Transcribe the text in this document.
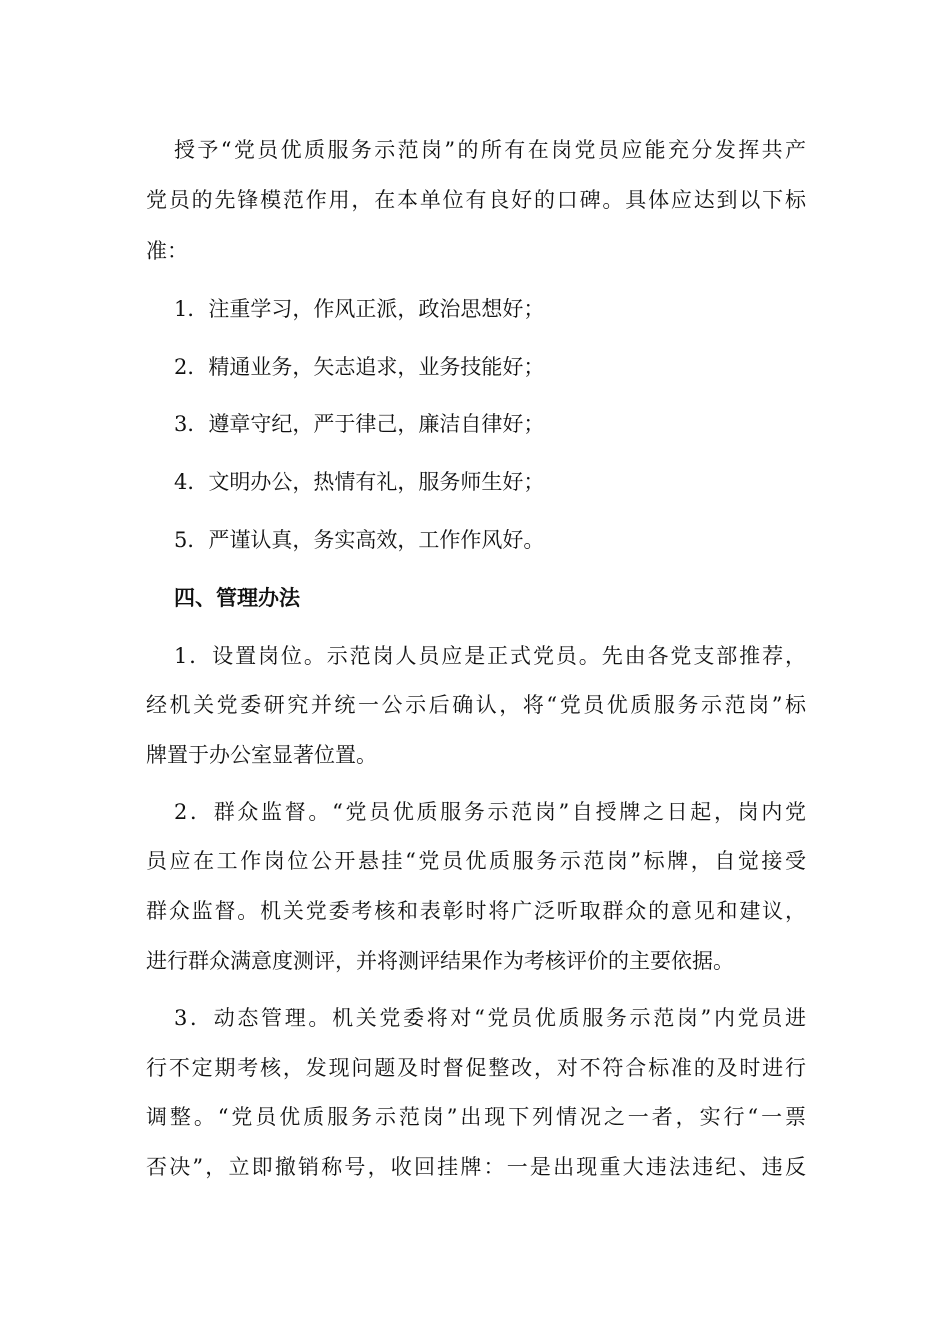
授予“党员优质服务示范岗”的所有在岗党员应能充分发挥共产
党员的先锋模范作用，在本单位有良好的口碑。具体应达到以下标
准：
1．注重学习，作风正派，政治思想好；
2．精通业务，矢志追求，业务技能好；
3．遵章守纪，严于律己，廉洁自律好；
4．文明办公，热情有礼，服务师生好；
5．严谨认真，务实高效，工作作风好。
四、管理办法
1．设置岗位。示范岗人员应是正式党员。先由各党支部推荐，
经机关党委研究并统一公示后确认，将“党员优质服务示范岗”标
牌置于办公室显著位置。
2．群众监督。“党员优质服务示范岗”自授牌之日起，岗内党
员应在工作岗位公开悬挂“党员优质服务示范岗”标牌，自觉接受
群众监督。机关党委考核和表彰时将广泛听取群众的意见和建议，
进行群众满意度测评，并将测评结果作为考核评价的主要依据。
3．动态管理。机关党委将对“党员优质服务示范岗”内党员进
行不定期考核，发现问题及时督促整改，对不符合标准的及时进行
调整。“党员优质服务示范岗”出现下列情况之一者，实行“一票
否决”，立即撤销称号，收回挂牌：一是出现重大违法违纪、违反
